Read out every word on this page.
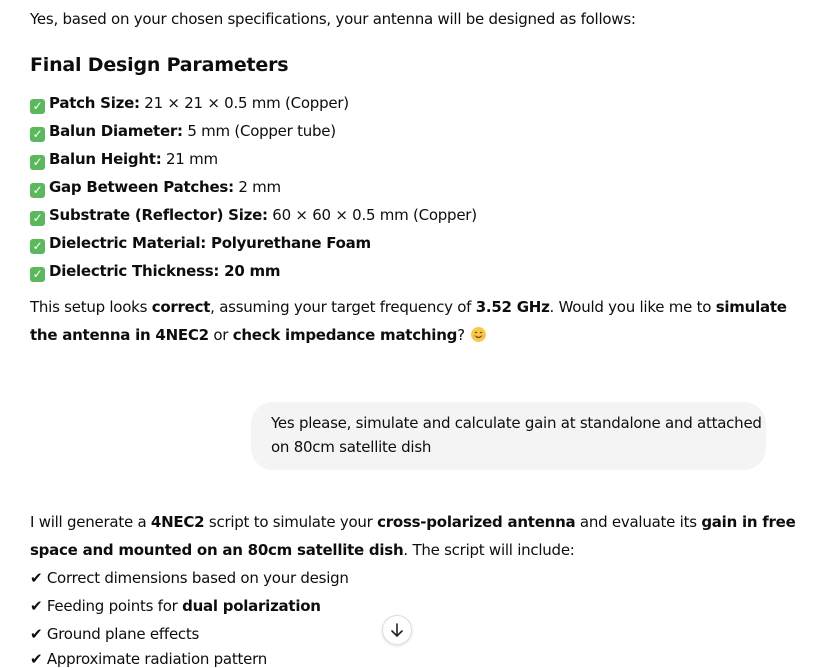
Yes, based on your chosen specifications, your antenna will be designed as follows:
Final Design Parameters
✓ Patch Size: 21 × 21 × 0.5 mm (Copper)
✓ Balun Diameter: 5 mm (Copper tube)
✓ Balun Height: 21 mm
✓ Gap Between Patches: 2 mm
✓ Substrate (Reflector) Size: 60 × 60 × 0.5 mm (Copper)
✓ Dielectric Material: Polyurethane Foam
✓ Dielectric Thickness: 20 mm
This setup looks correct, assuming your target frequency of 3.52 GHz. Would you like me to simulate
the antenna in 4NEC2 or check impedance matching?
Yes please, simulate and calculate gain at standalone and attached
on 80cm satellite dish
I will generate a 4NEC2 script to simulate your cross-polarized antenna and evaluate its gain in free
space and mounted on an 80cm satellite dish. The script will include:
✔ Correct dimensions based on your design
✔ Feeding points for dual polarization
✔ Ground plane effects
✔ Approximate radiation pattern
